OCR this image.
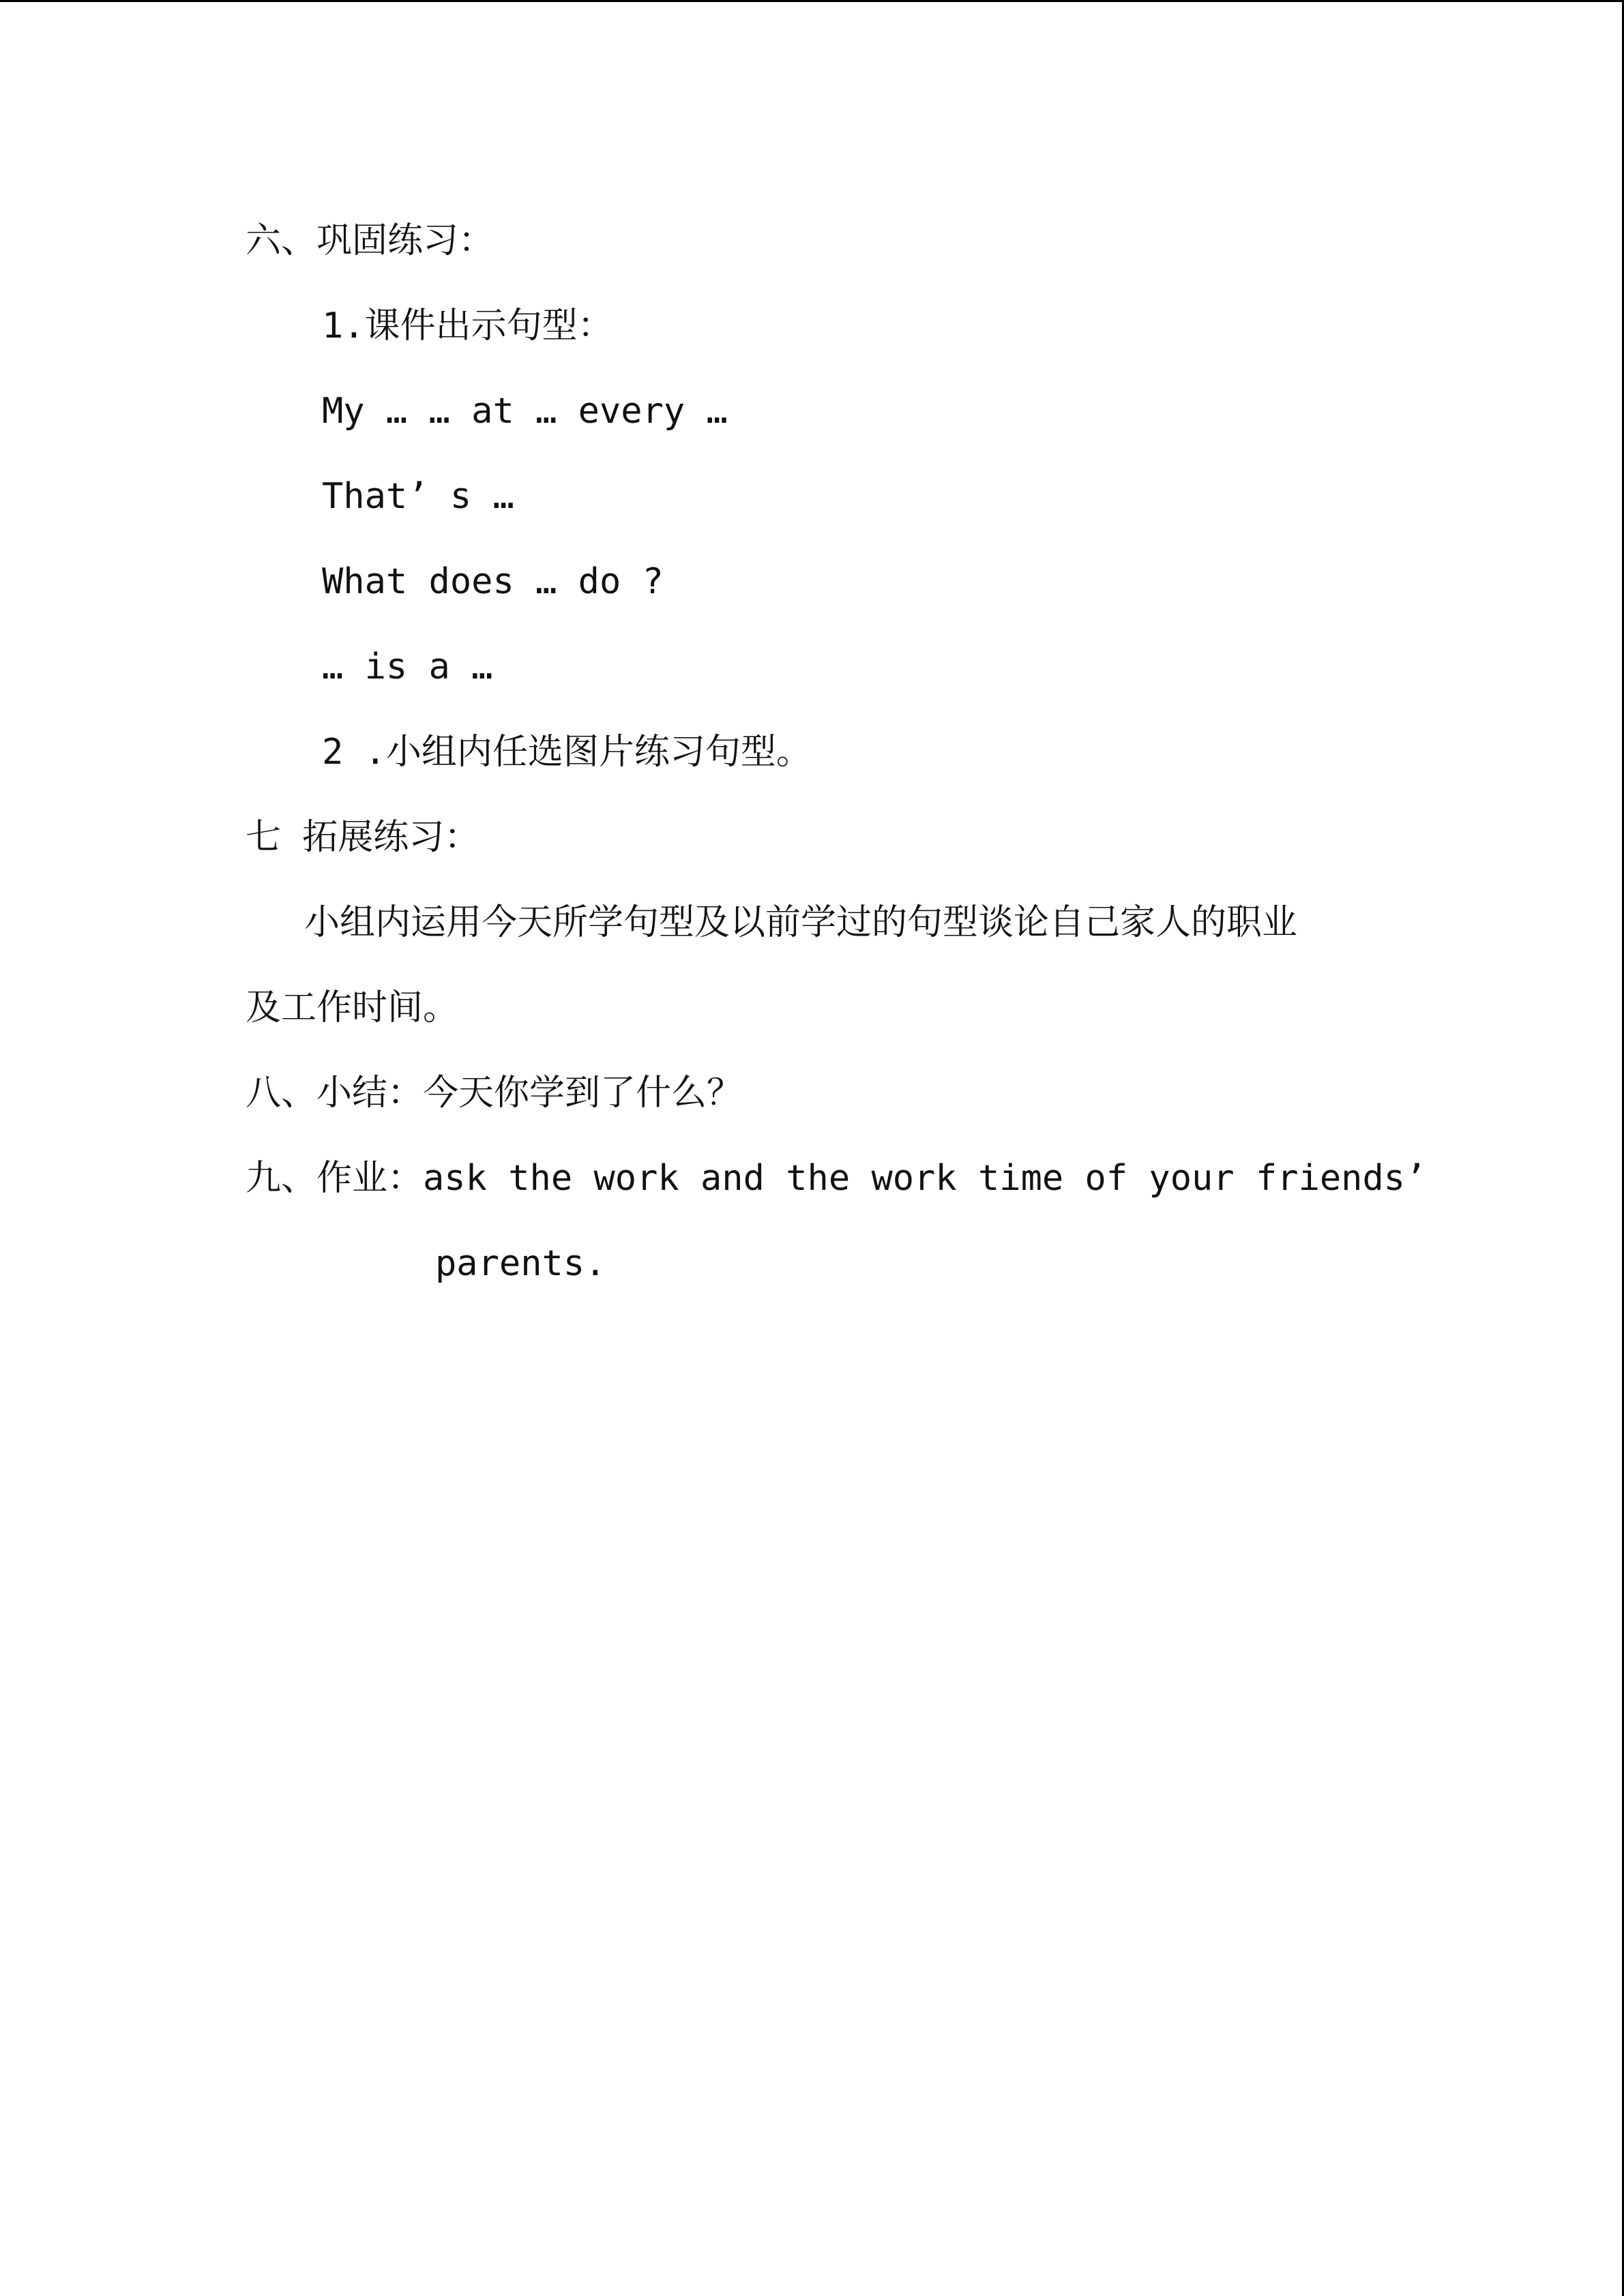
六、巩固练习：
1.课件出示句型：
My … … at … every …
That’ s …
What does … do ?
… is a …
2 .小组内任选图片练习句型。
七 拓展练习：
小组内运用今天所学句型及以前学过的句型谈论自己家人的职业
及工作时间。
八、小结：今天你学到了什么？
九、作业：ask the work and the work time of your friends’
parents.
